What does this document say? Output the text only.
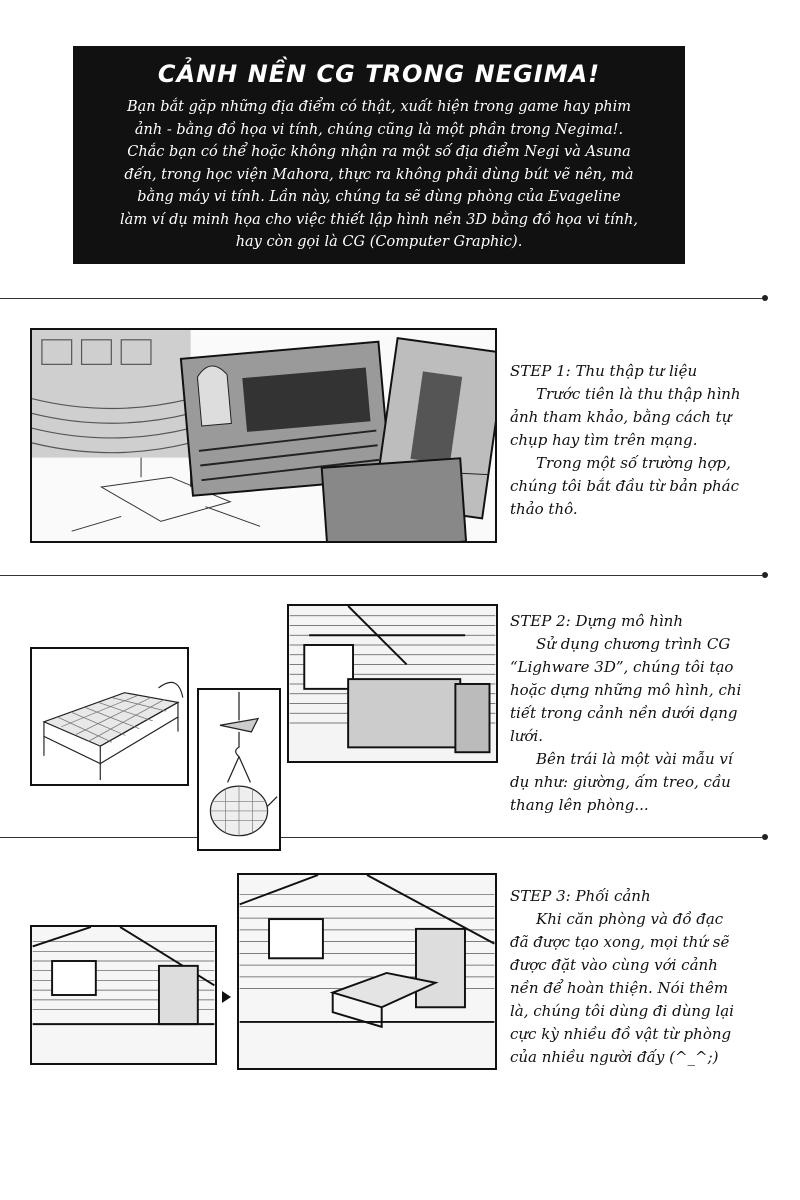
CẢNH NỀN CG TRONG NEGIMA!
Bạn bắt gặp những địa điểm có thật, xuất hiện trong game hay phim
ảnh - bằng đồ họa vi tính, chúng cũng là một phần trong Negima!.
Chắc bạn có thể hoặc không nhận ra một số địa điểm Negi và Asuna
đến, trong học viện Mahora, thực ra không phải dùng bút vẽ nên, mà
bằng máy vi tính. Lần này, chúng ta sẽ dùng phòng của Evageline
làm ví dụ minh họa cho việc thiết lập hình nền 3D bằng đồ họa vi tính,
hay còn gọi là CG (Computer Graphic).
STEP 1: Thu thập tư liệu
Trước tiên là thu thập hình
ảnh tham khảo, bằng cách tự
chụp hay tìm trên mạng.
Trong một số trường hợp,
chúng tôi bắt đầu từ bản phác
thảo thô.
STEP 2: Dựng mô hình
Sử dụng chương trình CG
“Lighware 3D”, chúng tôi tạo
hoặc dựng những mô hình, chi
tiết trong cảnh nền dưới dạng
lưới.
Bên trái là một vài mẫu ví
dụ như: giường, ấm treo, cầu
thang lên phòng...
STEP 3: Phối cảnh
Khi căn phòng và đồ đạc
đã được tạo xong, mọi thứ sẽ
được đặt vào cùng với cảnh
nền để hoàn thiện. Nói thêm
là, chúng tôi dùng đi dùng lại
cực kỳ nhiều đồ vật từ phòng
của nhiều người đấy (^_^;)
